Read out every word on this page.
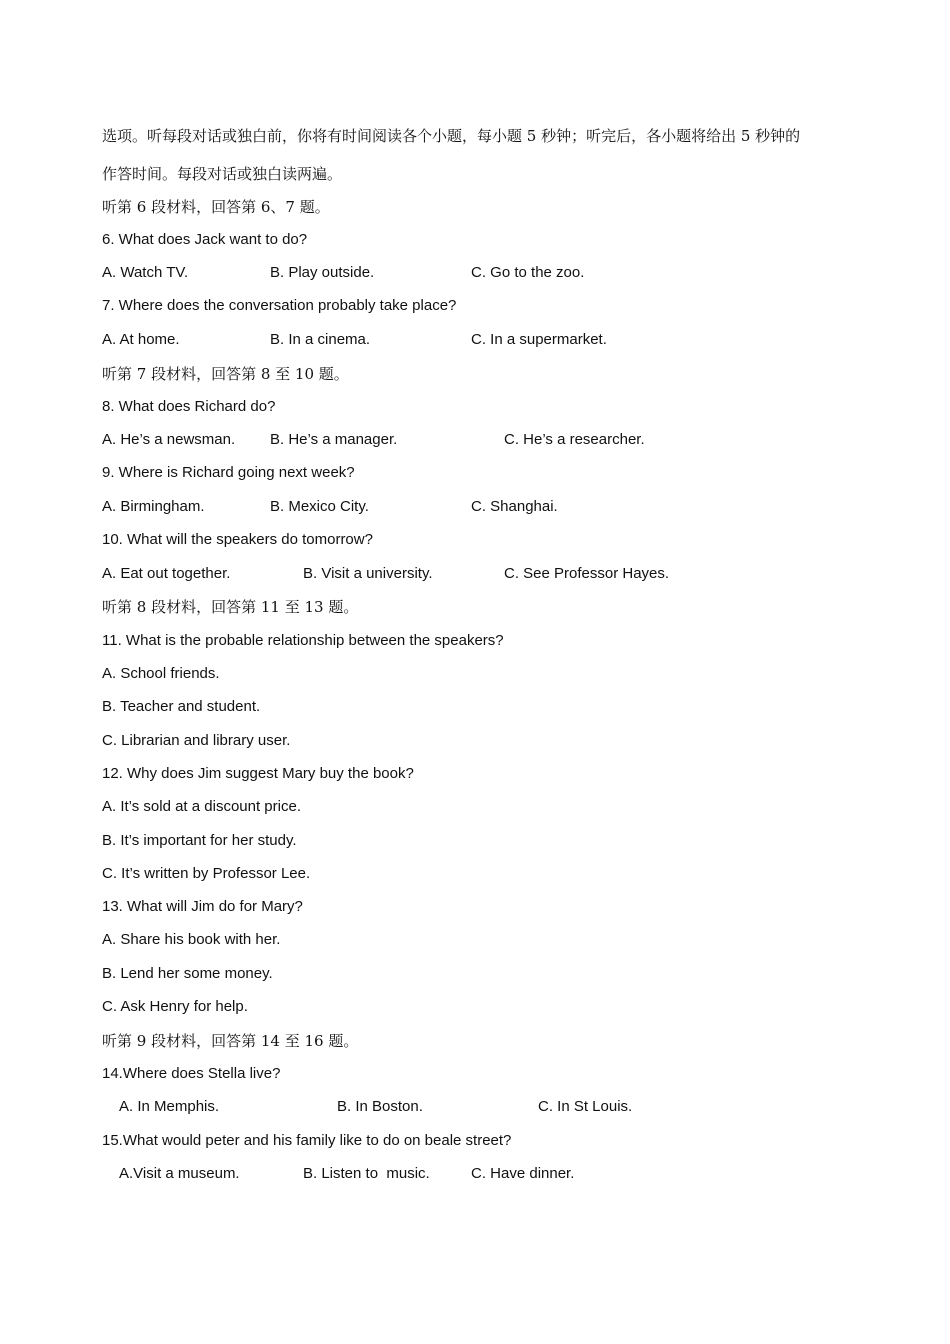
选项。听每段对话或独白前，你将有时间阅读各个小题，每小题 5 秒钟；听完后，各小题将给出 5 秒钟的
作答时间。每段对话或独白读两遍。
听第 6 段材料，回答第 6、7 题。
6. What does Jack want to do?
A. Watch TV.	B. Play outside.	C. Go to the zoo.
7. Where does the conversation probably take place?
A. At home.	B. In a cinema.	C. In a supermarket.
听第 7 段材料，回答第 8 至 10 题。
8. What does Richard do?
A. He’s a newsman. B. He’s a manager.	C. He’s a researcher.
9. Where is Richard going next week?
A. Birmingham.	B. Mexico City.	C. Shanghai.
10. What will the speakers do tomorrow?
A. Eat out together.	B. Visit a university.	C. See Professor Hayes.
听第 8 段材料，回答第 11 至 13 题。
11. What is the probable relationship between the speakers?
A. School friends.
B. Teacher and student.
C. Librarian and library user.
12. Why does Jim suggest Mary buy the book?
A. It’s sold at a discount price.
B. It’s important for her study.
C. It’s written by Professor Lee.
13. What will Jim do for Mary?
A. Share his book with her.
B. Lend her some money.
C. Ask Henry for help.
听第 9 段材料，回答第 14 至 16 题。
14.Where does Stella live?
A. In Memphis.	B. In Boston.	C. In St Louis.
15.What would peter and his family like to do on beale street?
A.Visit a museum.	B. Listen to  music.	C. Have dinner.
